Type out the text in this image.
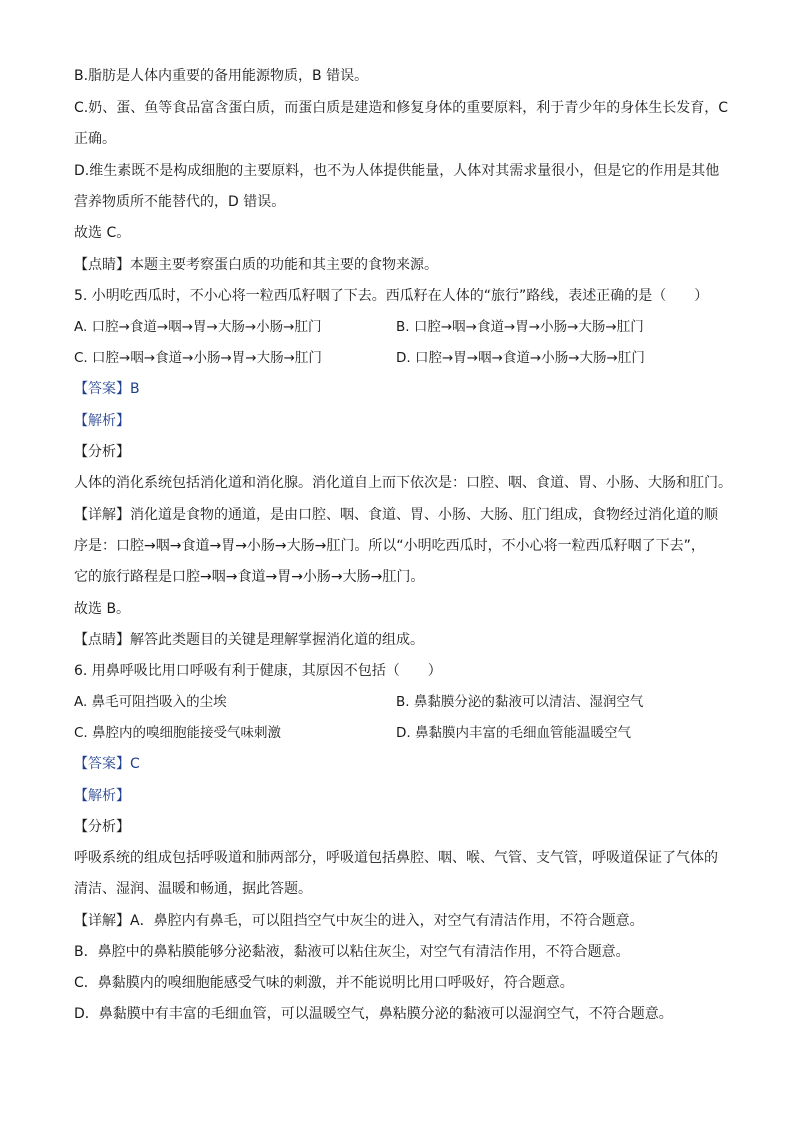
B.脂肪是人体内重要的备用能源物质，B 错误。
C.奶、蛋、鱼等食品富含蛋白质，而蛋白质是建造和修复身体的重要原料，利于青少年的身体生长发育，C
正确。
D.维生素既不是构成细胞的主要原料，也不为人体提供能量，人体对其需求量很小，但是它的作用是其他
营养物质所不能替代的，D 错误。
故选 C。
【点睛】本题主要考察蛋白质的功能和其主要的食物来源。
5. 小明吃西瓜时，不小心将一粒西瓜籽咽了下去。西瓜籽在人体的“旅行”路线，表述正确的是（　　）
A. 口腔→食道→咽→胃→大肠→小肠→肛门	B. 口腔→咽→食道→胃→小肠→大肠→肛门
C. 口腔→咽→食道→小肠→胃→大肠→肛门	D. 口腔→胃→咽→食道→小肠→大肠→肛门
【答案】B
【解析】
【分析】
人体的消化系统包括消化道和消化腺。消化道自上而下依次是：口腔、咽、食道、胃、小肠、大肠和肛门。
【详解】消化道是食物的通道，是由口腔、咽、食道、胃、小肠、大肠、肛门组成，食物经过消化道的顺
序是：口腔→咽→食道→胃→小肠→大肠→肛门。所以“小明吃西瓜时，不小心将一粒西瓜籽咽了下去”，
它的旅行路程是口腔→咽→食道→胃→小肠→大肠→肛门。
故选 B。
【点睛】解答此类题目的关键是理解掌握消化道的组成。
6. 用鼻呼吸比用口呼吸有利于健康，其原因不包括（　　）
A. 鼻毛可阻挡吸入的尘埃	B. 鼻黏膜分泌的黏液可以清洁、湿润空气
C. 鼻腔内的嗅细胞能接受气味刺激	D. 鼻黏膜内丰富的毛细血管能温暖空气
【答案】C
【解析】
【分析】
呼吸系统的组成包括呼吸道和肺两部分，呼吸道包括鼻腔、咽、喉、气管、支气管，呼吸道保证了气体的
清洁、湿润、温暖和畅通，据此答题。
【详解】A．鼻腔内有鼻毛，可以阻挡空气中灰尘的进入，对空气有清洁作用，不符合题意。
B．鼻腔中的鼻粘膜能够分泌黏液，黏液可以粘住灰尘，对空气有清洁作用，不符合题意。
C．鼻黏膜内的嗅细胞能感受气味的刺激，并不能说明比用口呼吸好，符合题意。
D．鼻黏膜中有丰富的毛细血管，可以温暖空气，鼻粘膜分泌的黏液可以湿润空气，不符合题意。
